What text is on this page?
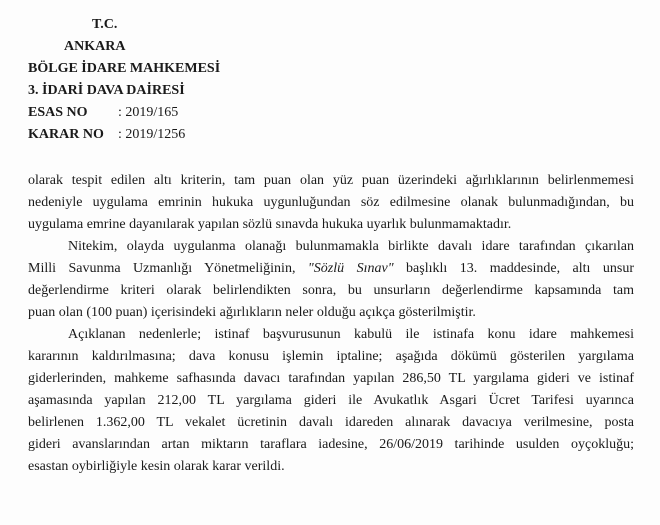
T.C.
ANKARA
BÖLGE İDARE MAHKEMESİ
3. İDARİ DAVA DAİRESİ
ESAS NO	: 2019/165
KARAR NO	: 2019/1256
olarak tespit edilen altı kriterin, tam puan olan yüz puan üzerindeki ağırlıklarının belirlenmemesi
nedeniyle uygulama emrinin hukuka uygunluğundan söz edilmesine olanak bulunmadığından, bu
uygulama emrine dayanılarak yapılan sözlü sınavda hukuka uyarlık bulunmamaktadır.
Nitekim, olayda uygulanma olanağı bulunmamakla birlikte davalı idare tarafından çıkarılan
Milli Savunma Uzmanlığı Yönetmeliğinin, "Sözlü Sınav" başlıklı 13. maddesinde, altı unsur
değerlendirme kriteri olarak belirlendikten sonra, bu unsurların değerlendirme kapsamında tam
puan olan (100 puan) içerisindeki ağırlıkların neler olduğu açıkça gösterilmiştir.
Açıklanan nedenlerle; istinaf başvurusunun kabulü ile istinafa konu idare mahkemesi
kararının kaldırılmasına; dava konusu işlemin iptaline; aşağıda dökümü gösterilen yargılama
giderlerinden, mahkeme safhasında davacı tarafından yapılan 286,50 TL yargılama gideri ve istinaf
aşamasında yapılan 212,00 TL yargılama gideri ile Avukatlık Asgari Ücret Tarifesi uyarınca
belirlenen 1.362,00 TL vekalet ücretinin davalı idareden alınarak davacıya verilmesine, posta
gideri avanslarından artan miktarın taraflara iadesine, 26/06/2019 tarihinde usulden oyçokluğu;
esastan oybirliğiyle kesin olarak karar verildi.
